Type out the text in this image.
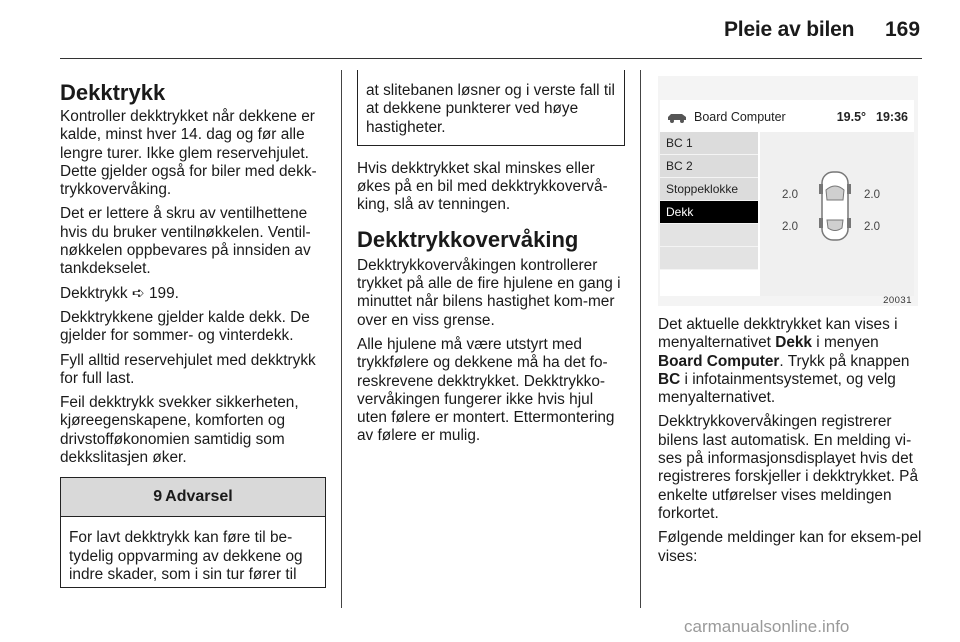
Pleie av bilen 169
Dekktrykk

Kontroller dekktrykket når dekkene er kalde, minst hver 14. dag og før alle lengre turer. Ikke glem reservehjulet. Dette gjelder også for biler med dekk-trykkovervåking.

Det er lettere å skru av ventilhettene hvis du bruker ventilnøkkelen. Ventil-nøkkelen oppbevares på innsiden av tankdekselet.

Dekktrykk ➪ 199.

Dekktrykkene gjelder kalde dekk. De gjelder for sommer- og vinterdekk.

Fyll alltid reservehjulet med dekktrykk for full last.

Feil dekktrykk svekker sikkerheten, kjøreegenskapene, komforten og drivstofføkonomien samtidig som dekkslitasjen øker.

9 Advarsel
For lavt dekktrykk kan føre til be-tydelig oppvarming av dekkene og indre skader, som i sin tur fører til
at slitebanen løsner og i verste fall til at dekkene punkterer ved høye hastigheter.

Hvis dekktrykket skal minskes eller økes på en bil med dekktrykkovervå-king, slå av tenningen.

Dekktrykkovervåking

Dekktrykkovervåkingen kontrollerer trykket på alle de fire hjulene en gang i minuttet når bilens hastighet kom-mer over en viss grense.

Alle hjulene må være utstyrt med trykkfølere og dekkene må ha det fo-reskrevene dekktrykket. Dekktrykko-vervåkingen fungerer ikke hvis hjul uten følere er montert. Ettermontering av følere er mulig.

Board Computer	19.5° 19:36
BC 1
BC 2
Stoppeklokke
Dekk
2.0	2.0
2.0	2.0
20031

Det aktuelle dekktrykket kan vises i menyalternativet Dekk i menyen Board Computer. Trykk på knappen BC i infotainmentsystemet, og velg menyalternativet.

Dekktrykkovervåkingen registrerer bilens last automatisk. En melding vi-ses på informasjonsdisplayet hvis det registreres forskjeller i dekktrykket. På enkelte utførelser vises meldingen forkortet.

Følgende meldinger kan for eksem-pel vises:

carmanualsonline.info
